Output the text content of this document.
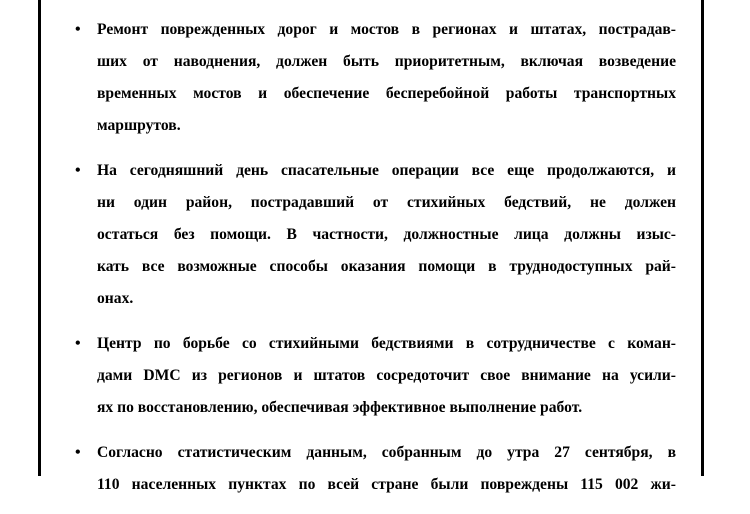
• Ремонт поврежденных дорог и мостов в регионах и штатах, пострадав-
ших от наводнения, должен быть приоритетным, включая возведение
временных мостов и обеспечение бесперебойной работы транспортных
маршрутов.
• На сегодняшний день спасательные операции все еще продолжаются, и
ни один район, пострадавший от стихийных бедствий, не должен
остаться без помощи. В частности, должностные лица должны изыс-
кать все возможные способы оказания помощи в труднодоступных рай-
онах.
• Центр по борьбе со стихийными бедствиями в сотрудничестве с коман-
дами DMC из регионов и штатов сосредоточит свое внимание на усили-
ях по восстановлению, обеспечивая эффективное выполнение работ.
• Согласно статистическим данным, собранным до утра 27 сентября, в
110 населенных пунктах по всей стране были повреждены 115 002 жи-
